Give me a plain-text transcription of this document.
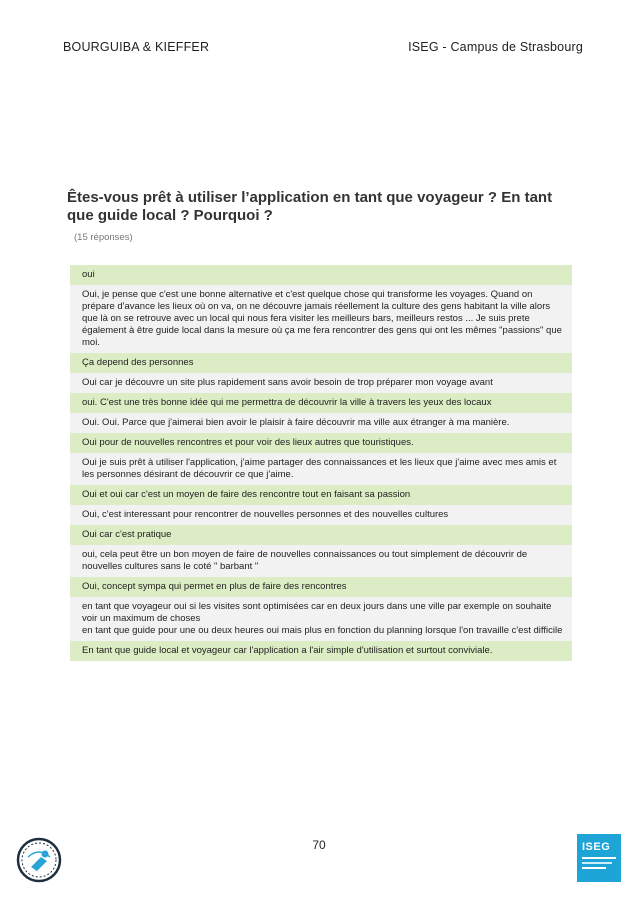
BOURGUIBA & KIEFFER	ISEG - Campus de Strasbourg
Êtes-vous prêt à utiliser l’application en tant que voyageur ? En tant que guide local ? Pourquoi ?
(15 réponses)
oui
Oui, je pense que c'est une bonne alternative et c'est quelque chose qui transforme les voyages. Quand on prépare d'avance les lieux où on va, on ne découvre jamais réellement la culture des gens habitant la ville alors que là on se retrouve avec un local qui nous fera visiter les meilleurs bars, meilleurs restos ... Je suis prete également à être guide local dans la mesure où ça me fera rencontrer des gens qui ont les mêmes "passions" que moi.
Ça depend des personnes
Oui car je découvre un site plus rapidement sans avoir besoin de trop préparer mon voyage avant
oui. C'est une très bonne idée qui me permettra de découvrir la ville à travers les yeux des locaux
Oui. Oui. Parce que j'aimerai bien avoir le plaisir à faire découvrir ma ville aux étranger à ma manière.
Oui pour de nouvelles rencontres et pour voir des lieux autres que touristiques.
Oui je suis prêt à utiliser l'application, j'aime partager des connaissances et les lieux que j'aime avec mes amis et les personnes désirant de découvrir ce que j'aime.
Oui et oui car c'est un moyen de faire des rencontre tout en faisant sa passion
Oui, c'est interessant pour rencontrer de nouvelles personnes et des nouvelles cultures
Oui car c'est pratique
oui, cela peut être un bon moyen de faire de nouvelles connaissances ou tout simplement de découvrir de nouvelles cultures sans le coté " barbant "
Oui, concept sympa qui permet en plus de faire des rencontres
en tant que voyageur oui si les visites sont optimisées car en deux jours dans une ville par exemple on souhaite voir un maximum de choses
en tant que guide pour une ou deux heures oui mais plus en fonction du planning lorsque l'on travaille c'est difficile
En tant que guide local et voyageur car l'application a l'air simple d'utilisation et surtout conviviale.
70	ISEG
